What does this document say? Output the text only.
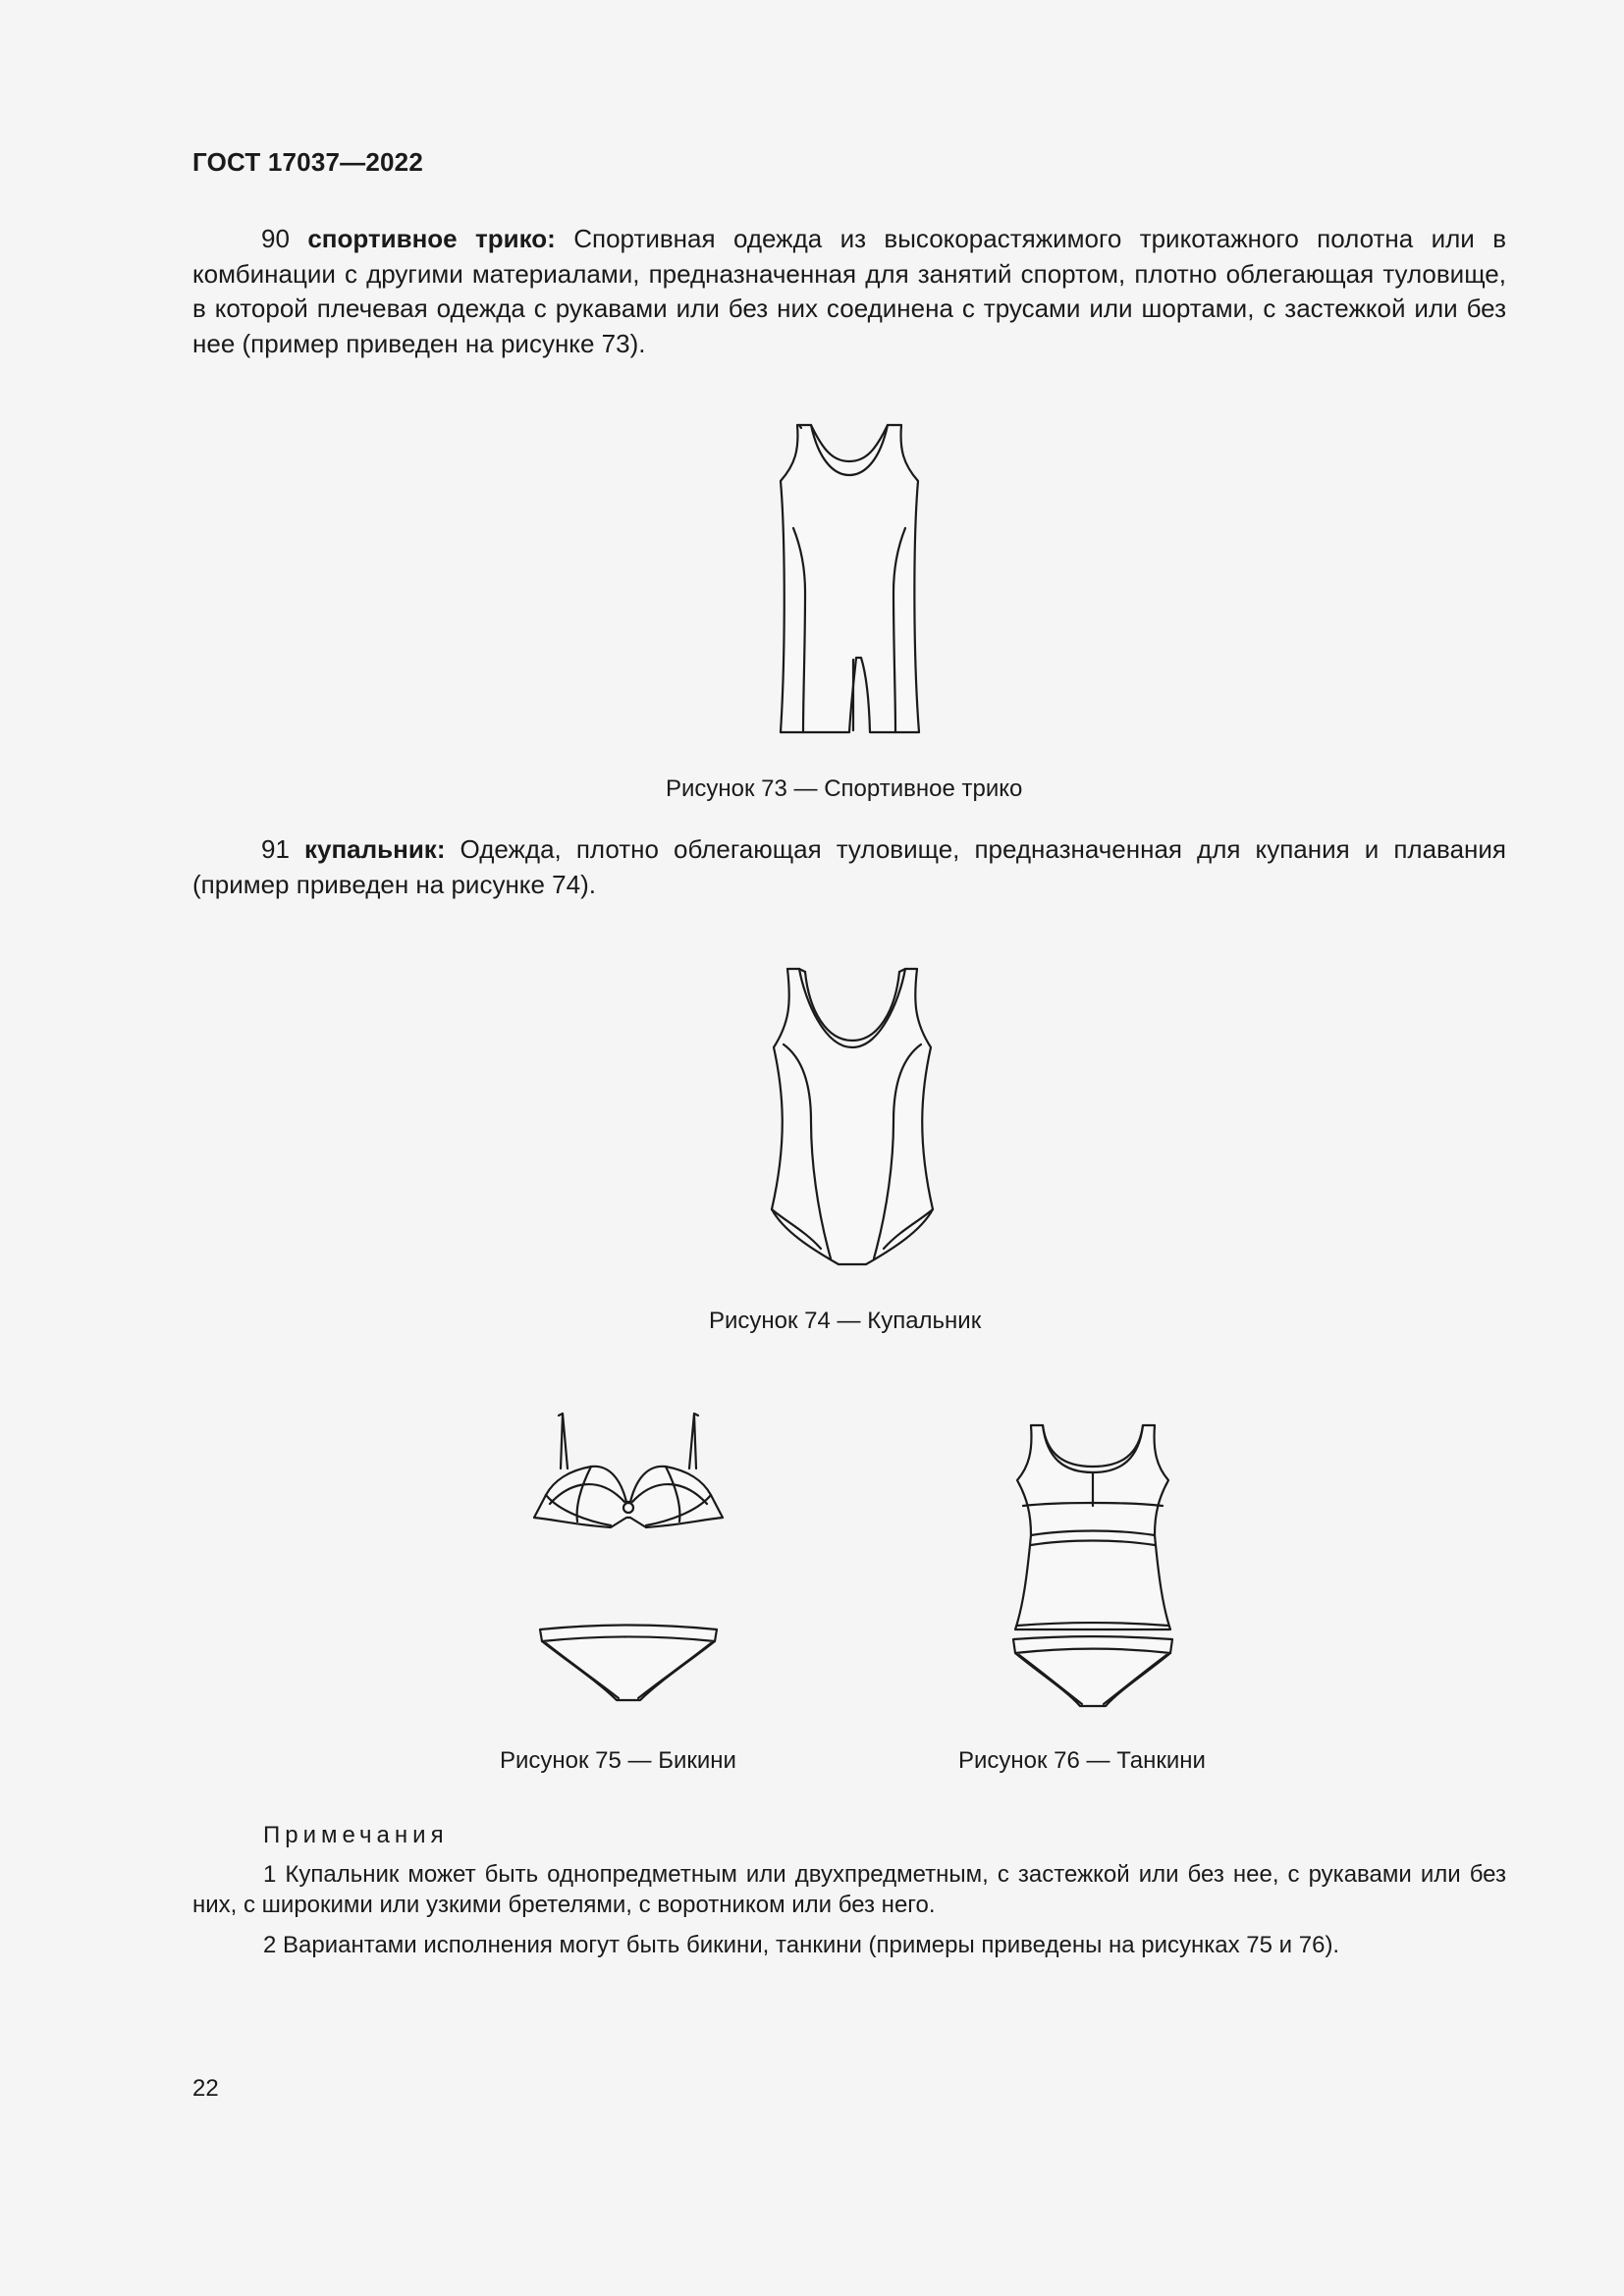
ГОСТ 17037—2022
90 спортивное трико: Спортивная одежда из высокорастяжимого трикотажного полотна или в комбинации с другими материалами, предназначенная для занятий спортом, плотно облегающая туловище, в которой плечевая одежда с рукавами или без них соединена с трусами или шортами, с застежкой или без нее (пример приведен на рисунке 73).
Рисунок 73 — Спортивное трико
91 купальник: Одежда, плотно облегающая туловище, предназначенная для купания и плавания (пример приведен на рисунке 74).
Рисунок 74 — Купальник
Рисунок 75 — Бикини	Рисунок 76 — Танкини
Примечания
1 Купальник может быть однопредметным или двухпредметным, с застежкой или без нее, с рукавами или без них, с широкими или узкими бретелями, с воротником или без него.
2 Вариантами исполнения могут быть бикини, танкини (примеры приведены на рисунках 75 и 76).
22
